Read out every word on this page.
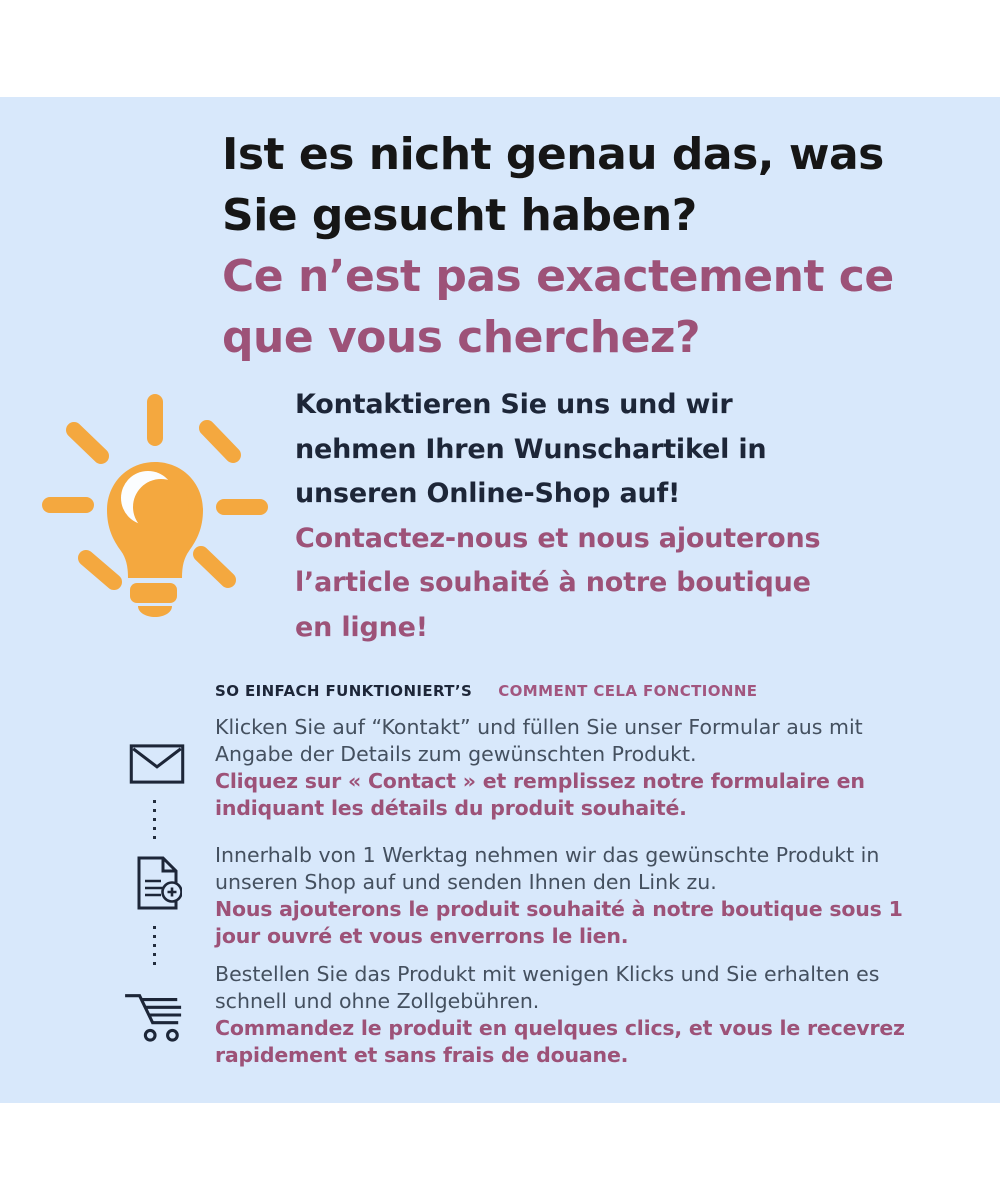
Ist es nicht genau das, was
Sie gesucht haben?
Ce n’est pas exactement ce
que vous cherchez?
Kontaktieren Sie uns und wir
nehmen Ihren Wunschartikel in
unseren Online-Shop auf!
Contactez-nous et nous ajouterons
l’article souhaité à notre boutique
en ligne!
SO EINFACH FUNKTIONIERT’S COMMENT CELA FONCTIONNE

Klicken Sie auf “Kontakt” und füllen Sie unser Formular aus mit Angabe der Details zum gewünschten Produkt.

Cliquez sur « Contact » et remplissez notre formulaire en indiquant les détails du produit souhaité.

Innerhalb von 1 Werktag nehmen wir das gewünschte Produkt in unseren Shop auf und senden Ihnen den Link zu.

Nous ajouterons le produit souhaité à notre boutique sous 1 jour ouvré et vous enverrons le lien.

Bestellen Sie das Produkt mit wenigen Klicks und Sie erhalten es schnell und ohne Zollgebühren.

Commandez le produit en quelques clics, et vous le recevrez rapidement et sans frais de douane.
